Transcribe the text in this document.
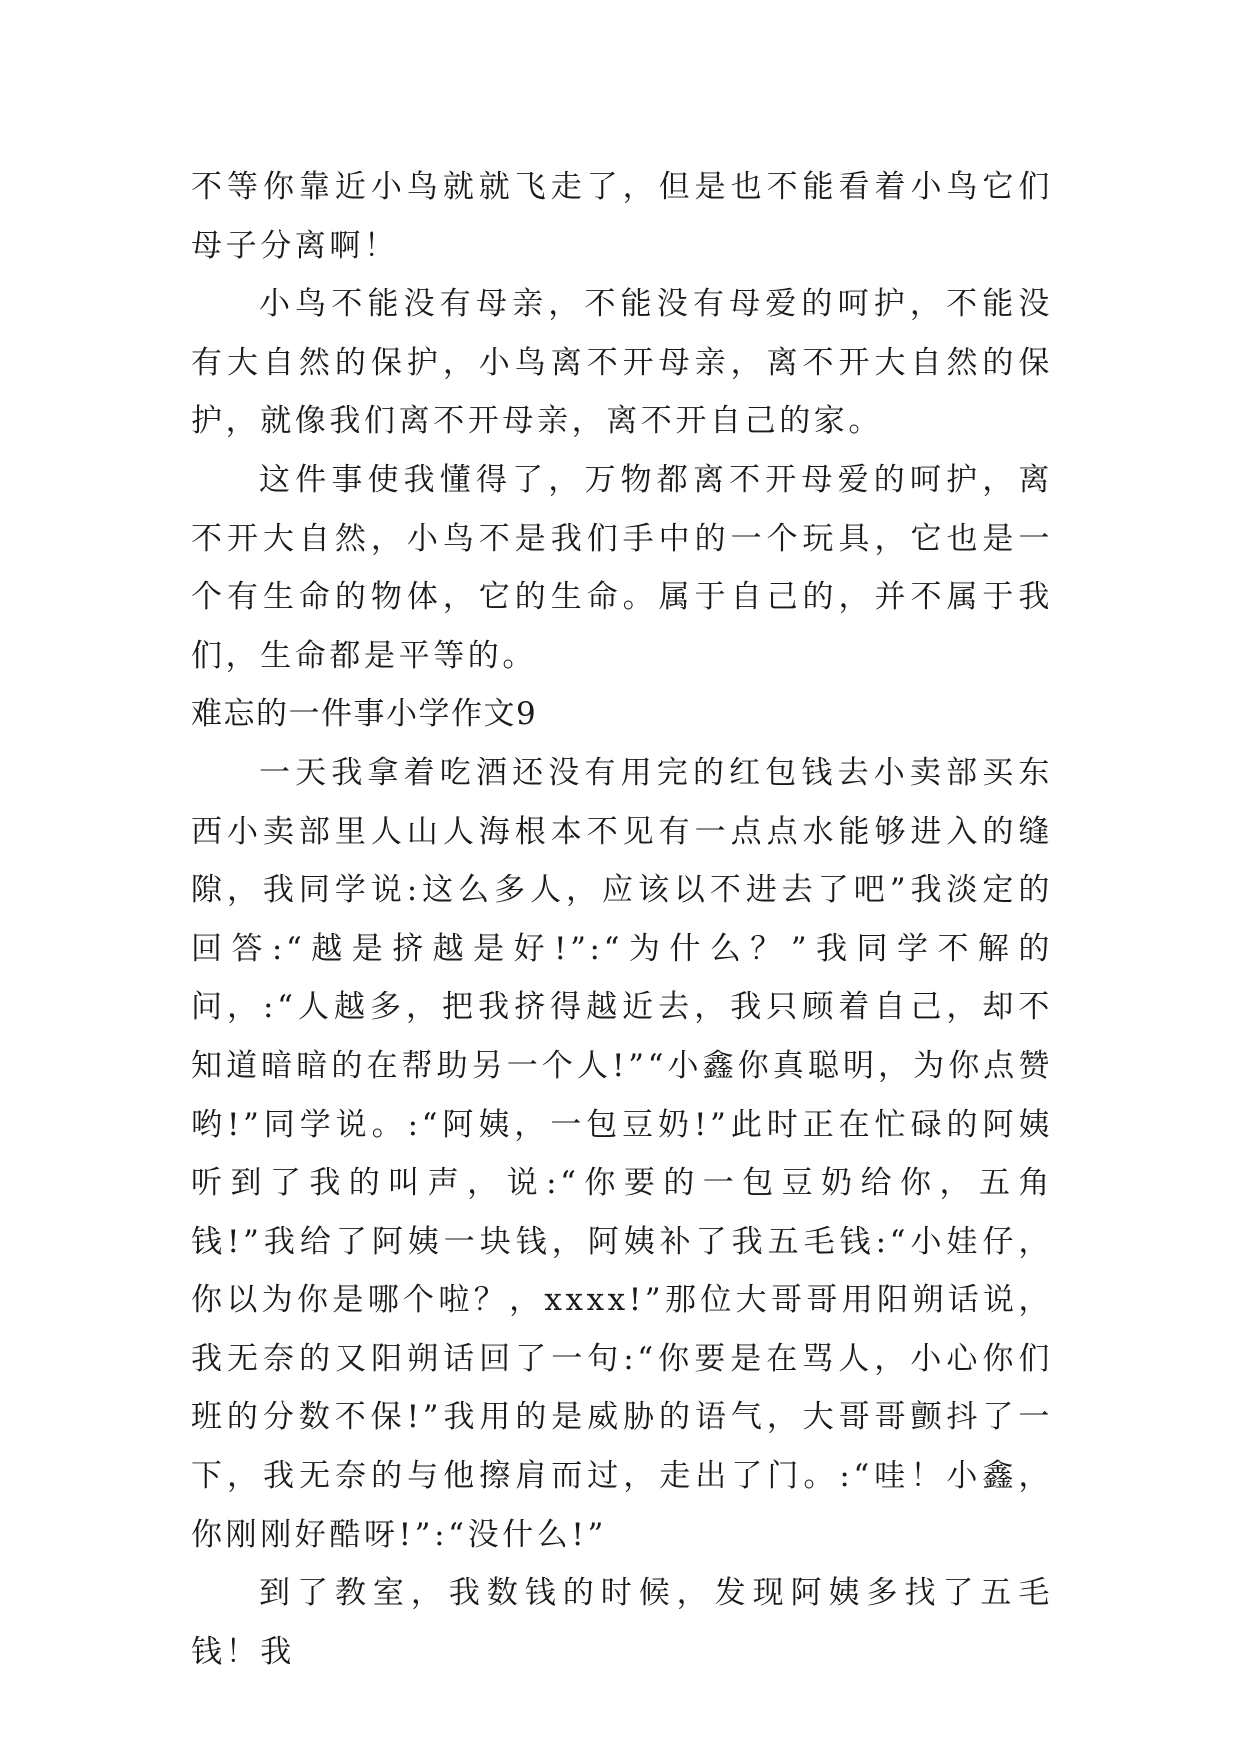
不等你靠近小鸟就就飞走了，但是也不能看着小鸟它们母子分离啊！

小鸟不能没有母亲，不能没有母爱的呵护，不能没有大自然的保护，小鸟离不开母亲，离不开大自然的保护，就像我们离不开母亲，离不开自己的家。

这件事使我懂得了，万物都离不开母爱的呵护，离不开大自然，小鸟不是我们手中的一个玩具，它也是一个有生命的物体，它的生命。属于自己的，并不属于我们，生命都是平等的。

难忘的一件事小学作文9

一天我拿着吃酒还没有用完的红包钱去小卖部买东西小卖部里人山人海根本不见有一点点水能够进入的缝隙，我同学说:这么多人，应该以不进去了吧”我淡定的回答:“越是挤越是好!”:“为什么？”我同学不解的问，:“人越多，把我挤得越近去，我只顾着自己，却不知道暗暗的在帮助另一个人!”“小鑫你真聪明，为你点赞哟!”同学说。:“阿姨，一包豆奶!”此时正在忙碌的阿姨听到了我的叫声，说:“你要的一包豆奶给你，五角钱!”我给了阿姨一块钱，阿姨补了我五毛钱:“小娃仔，你以为你是哪个啦？，xxxx!”那位大哥哥用阳朔话说，我无奈的又阳朔话回了一句:“你要是在骂人，小心你们班的分数不保!”我用的是威胁的语气，大哥哥颤抖了一下，我无奈的与他擦肩而过，走出了门。:“哇！小鑫，你刚刚好酷呀!”:“没什么!”

到了教室，我数钱的时候，发现阿姨多找了五毛钱！我
